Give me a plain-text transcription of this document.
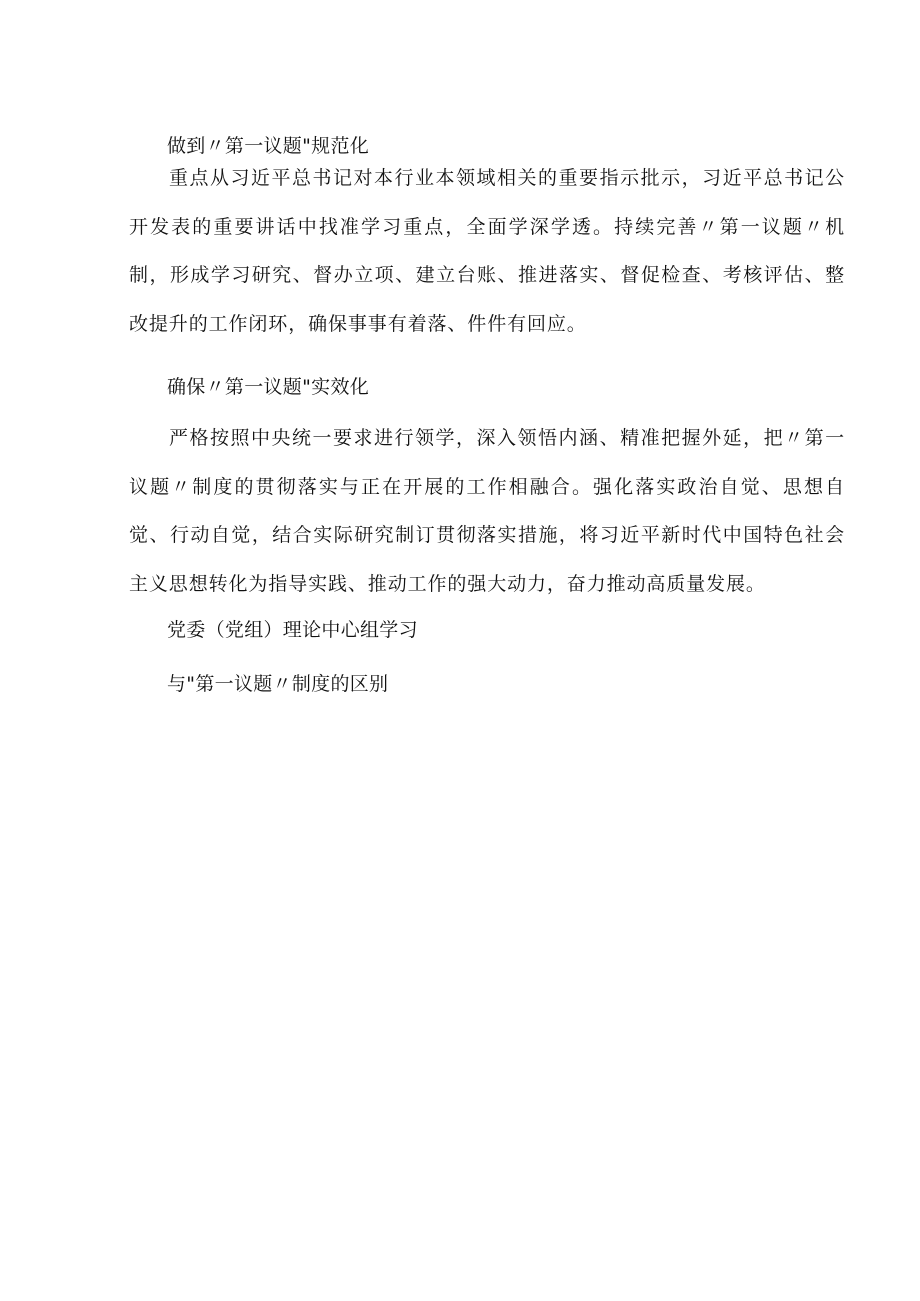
做到〃第一议题"规范化

重点从习近平总书记对本行业本领域相关的重要指示批示，习近平总书记公开发表的重要讲话中找准学习重点，全面学深学透。持续完善〃第一议题〃机制，形成学习研究、督办立项、建立台账、推进落实、督促检查、考核评估、整改提升的工作闭环，确保事事有着落、件件有回应。

确保〃第一议题"实效化

严格按照中央统一要求进行领学，深入领悟内涵、精准把握外延，把〃第一议题〃制度的贯彻落实与正在开展的工作相融合。强化落实政治自觉、思想自觉、行动自觉，结合实际研究制订贯彻落实措施，将习近平新时代中国特色社会主义思想转化为指导实践、推动工作的强大动力，奋力推动高质量发展。

党委（党组）理论中心组学习
与"第一议题〃制度的区别
